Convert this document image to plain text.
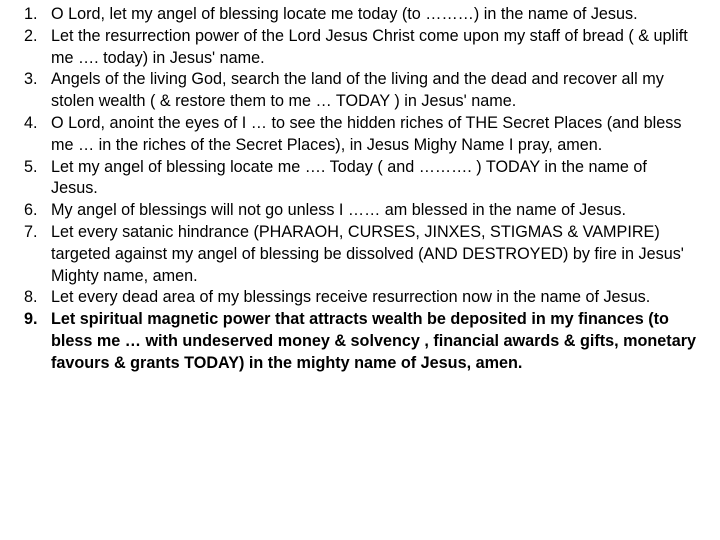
1. O Lord, let my angel of blessing locate me today (to ………) in the name of Jesus.
2. Let the resurrection power of the Lord Jesus Christ come upon my staff of bread ( & uplift me …. today) in Jesus' name.
3. Angels of the living God, search the land of the living and the dead and recover all my stolen wealth ( & restore them to me … TODAY ) in Jesus' name.
4. O Lord, anoint the eyes of I … to see the hidden riches of THE Secret Places (and bless me … in the riches of the Secret Places), in Jesus Mighy Name I pray, amen.
5. Let my angel of blessing locate me …. Today ( and ………. ) TODAY in the name of Jesus.
6. My angel of blessings will not go unless I …… am blessed in the name of Jesus.
7. Let every satanic hindrance (PHARAOH, CURSES, JINXES, STIGMAS & VAMPIRE) targeted against my angel of blessing be dissolved (AND DESTROYED) by fire in Jesus' Mighty name, amen.
8. Let every dead area of my blessings receive resurrection now in the name of Jesus.
9. Let spiritual magnetic power that attracts wealth be deposited in my finances (to bless me … with undeserved money & solvency , financial awards & gifts, monetary favours & grants TODAY) in the mighty name of Jesus, amen.
